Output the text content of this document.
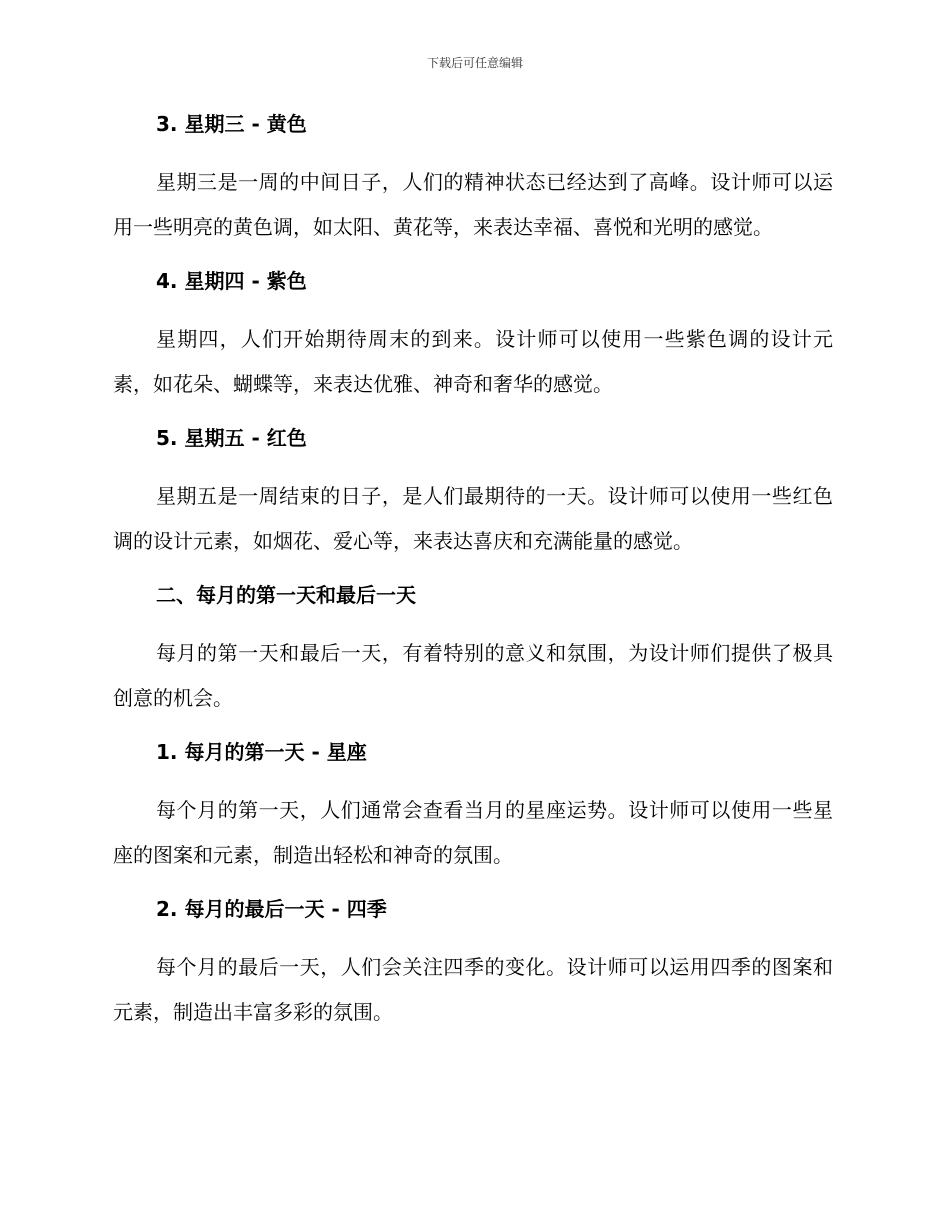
下载后可任意编辑
3. 星期三 - 黄色

星期三是一周的中间日子，人们的精神状态已经达到了高峰。设计师可以运用一些明亮的黄色调，如太阳、黄花等，来表达幸福、喜悦和光明的感觉。

4. 星期四 - 紫色

星期四，人们开始期待周末的到来。设计师可以使用一些紫色调的设计元素，如花朵、蝴蝶等，来表达优雅、神奇和奢华的感觉。

5. 星期五 - 红色

星期五是一周结束的日子，是人们最期待的一天。设计师可以使用一些红色调的设计元素，如烟花、爱心等，来表达喜庆和充满能量的感觉。

二、每月的第一天和最后一天

每月的第一天和最后一天，有着特别的意义和氛围，为设计师们提供了极具创意的机会。

1. 每月的第一天 - 星座

每个月的第一天，人们通常会查看当月的星座运势。设计师可以使用一些星座的图案和元素，制造出轻松和神奇的氛围。

2. 每月的最后一天 - 四季

每个月的最后一天，人们会关注四季的变化。设计师可以运用四季的图案和元素，制造出丰富多彩的氛围。
